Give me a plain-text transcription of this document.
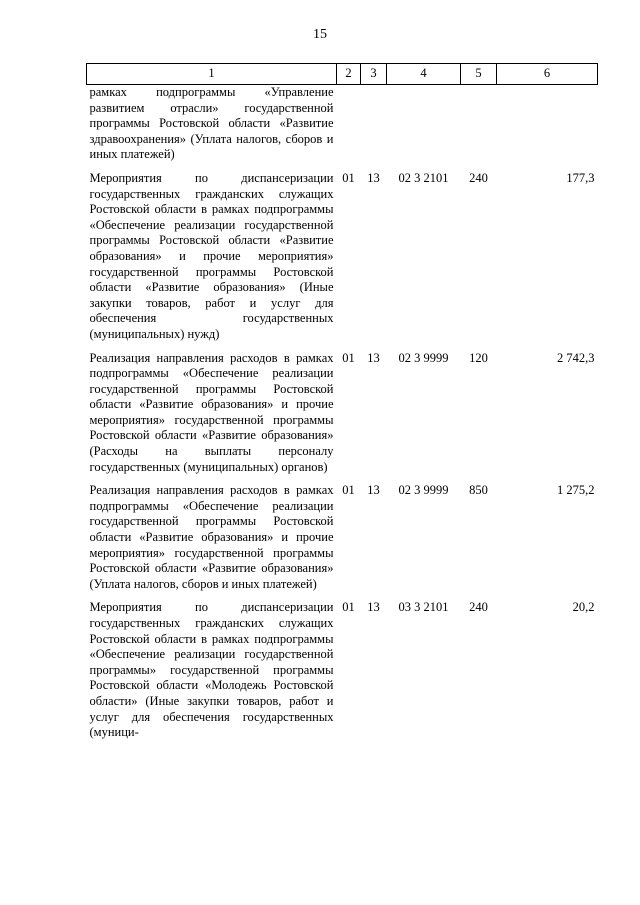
15
1	2	3	4	5	6
рамках подпрограммы «Управление развитием отрасли» государственной программы Ростовской области «Развитие здравоохранения» (Уплата налогов, сборов и иных платежей)					
Мероприятия по диспансеризации государственных гражданских служащих Ростовской области в рамках подпрограммы «Обеспечение реализации государственной программы Ростовской области «Развитие образования» и прочие мероприятия» государственной программы Ростовской области «Развитие образования» (Иные закупки товаров, работ и услуг для обеспечения государственных (муниципальных) нужд)	01	13	02 3 2101	240	177,3
Реализация направления расходов в рамках подпрограммы «Обеспечение реализации государственной программы Ростовской области «Развитие образования» и прочие мероприятия» государственной программы Ростовской области «Развитие образования» (Расходы на выплаты персоналу государственных (муниципальных) органов)	01	13	02 3 9999	120	2 742,3
Реализация направления расходов в рамках подпрограммы «Обеспечение реализации государственной программы Ростовской области «Развитие образования» и прочие мероприятия» государственной программы Ростовской области «Развитие образования» (Уплата налогов, сборов и иных платежей)	01	13	02 3 9999	850	1 275,2
Мероприятия по диспансеризации государственных гражданских служащих Ростовской области в рамках подпрограммы «Обеспечение реализации государственной программы» государственной программы Ростовской области «Молодежь Ростовской области» (Иные закупки товаров, работ и услуг для обеспечения государственных (муници-	01	13	03 3 2101	240	20,2
